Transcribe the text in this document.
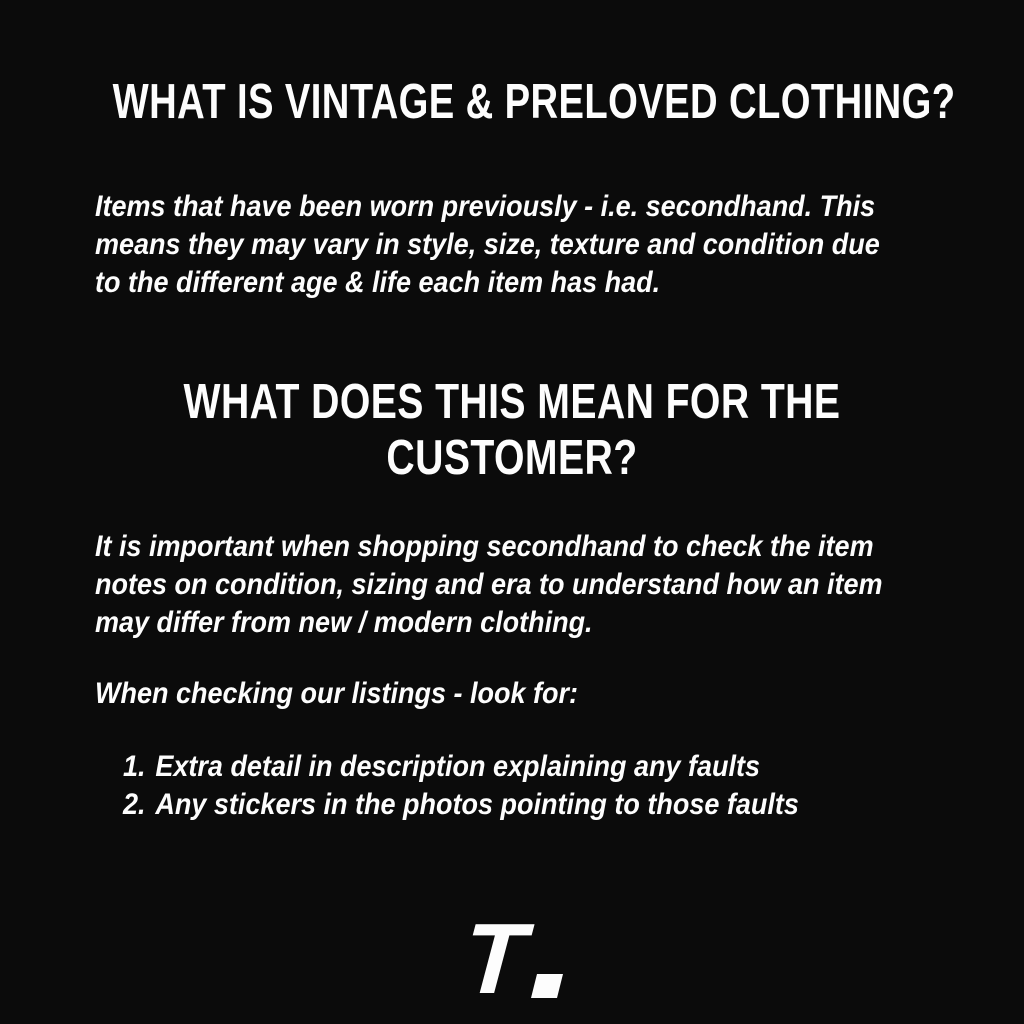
WHAT IS VINTAGE & PRELOVED CLOTHING?

Items that have been worn previously - i.e. secondhand. This
means they may vary in style, size, texture and condition due
to the different age & life each item has had.

WHAT DOES THIS MEAN FOR THE
CUSTOMER?

It is important when shopping secondhand to check the item
notes on condition, sizing and era to understand how an item
may differ from new / modern clothing.

When checking our listings - look for:

1. Extra detail in description explaining any faults
2. Any stickers in the photos pointing to those faults
T
